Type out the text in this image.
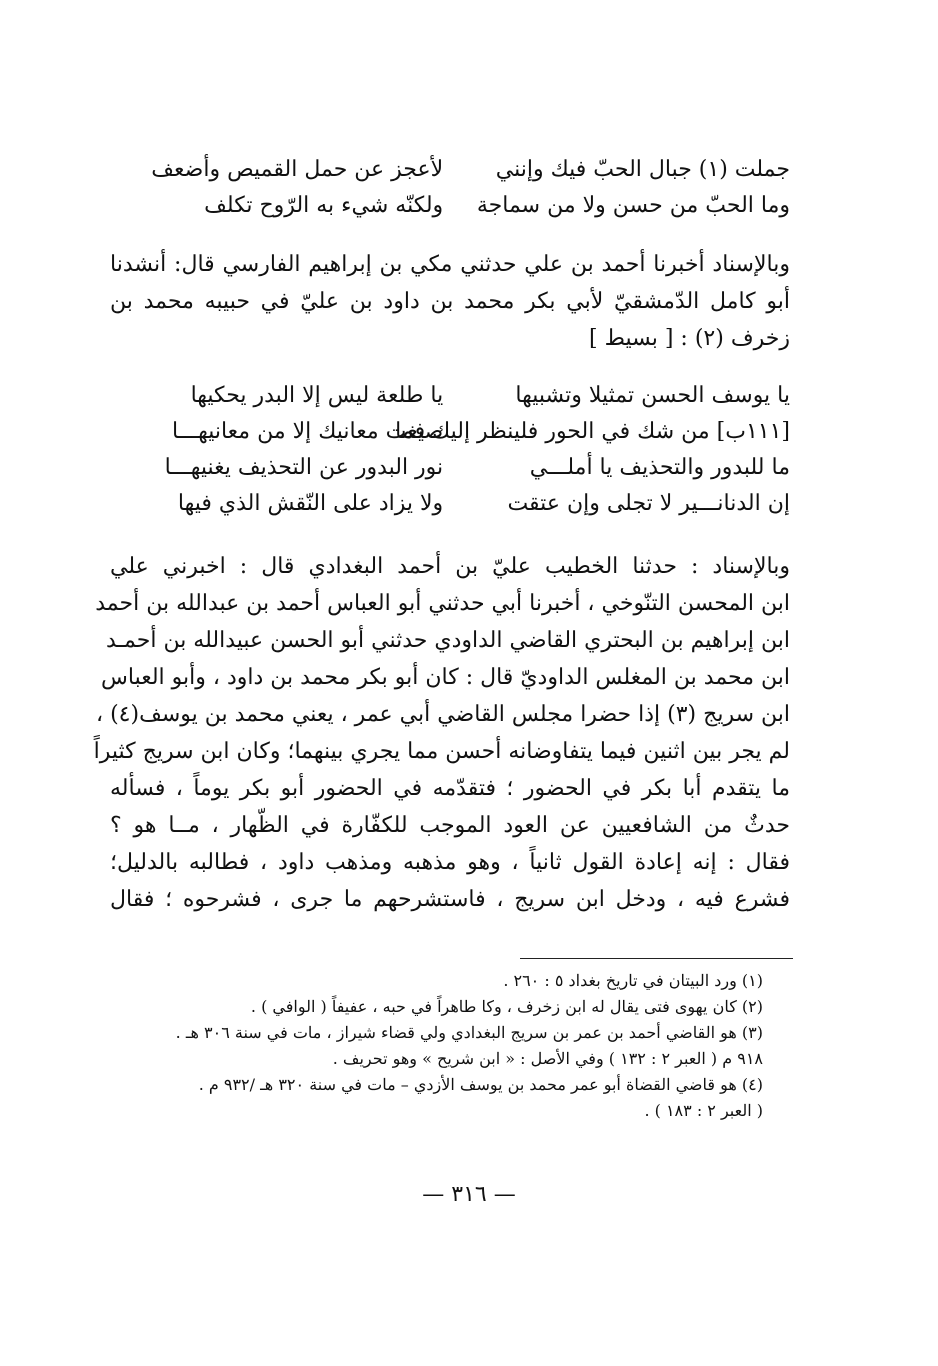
جملت (١) جبال الحبّ فيك وإنني
لأعجز عن حمل القميص وأضعف
وما الحبّ من حسن ولا من سماجة
ولكنّه شيء به الرّوح تكلف
وبالإسناد أخبرنا أحمد بن علي حدثني مكي بن إبراهيم الفارسي قال: أنشدنا
أبو كامل الدّمشقيّ لأبي بكر محمد بن داود بن عليّ في حبيبه محمد بن
زخرف (٢) : [ بسيط ]
يا يوسف الحسن تمثيلا وتشبيها
يا طلعة ليس إلا البدر يحكيها
[١١١ب] من شك في الحور فلينظر إليك فما
صيغت معانيك إلا من معانيهـــا
ما للبدور والتحذيف يا أملـــي
نور البدور عن التحذيف يغنيهـــا
إن الدنانـــير لا تجلى وإن عتقت
ولا يزاد على النّقش الذي فيها
وبالإسناد : حدثنا الخطيب عليّ بن أحمد البغدادي قال : اخبرني علي
ابن المحسن التنّوخي ، أخبرنا أبي حدثني أبو العباس أحمد بن عبدالله بن أحمد
ابن إبراهيم بن البحتري القاضي الداودي حدثني أبو الحسن عبيدالله بن أحمـد
ابن محمد بن المغلس الداوديّ قال : كان أبو بكر محمد بن داود ، وأبو العباس
ابن سريج (٣) إذا حضرا مجلس القاضي أبي عمر ، يعني محمد بن يوسف(٤) ،
لم يجر بين اثنين فيما يتفاوضانه أحسن مما يجري بينهما؛ وكان ابن سريج كثيراً
ما يتقدم أبا بكر في الحضور ؛ فتقدّمه في الحضور أبو بكر يوماً ، فسأله
حدثٌ من الشافعيين عن العود الموجب للكفّارة في الظّهار ، مــا هو ؟
فقال : إنه إعادة القول ثانياً ، وهو مذهبه ومذهب داود ، فطالبه بالدليل؛
فشرع فيه ، ودخل ابن سريج ، فاستشرحهم ما جرى ، فشرحوه ؛ فقال
(١) ورد البيتان في تاريخ بغداد ٥ : ٢٦٠ .
(٢) كان يهوى فتى يقال له ابن زخرف ، وكا طاهراً في حبه ، عفيفاً ( الوافي ) .
(٣) هو القاضي أحمد بن عمر بن سريج البغدادي ولي قضاء شيراز ، مات في سنة ٣٠٦ هـ .
٩١٨ م ( العبر ٢ : ١٣٢ ) وفي الأصل : « ابن شريح » وهو تحريف .
(٤) هو قاضي القضاة أبو عمر محمد بن يوسف الأزدي – مات في سنة ٣٢٠ هـ /٩٣٢ م .
( العبر ٢ : ١٨٣ ) .
— ٣١٦ —
